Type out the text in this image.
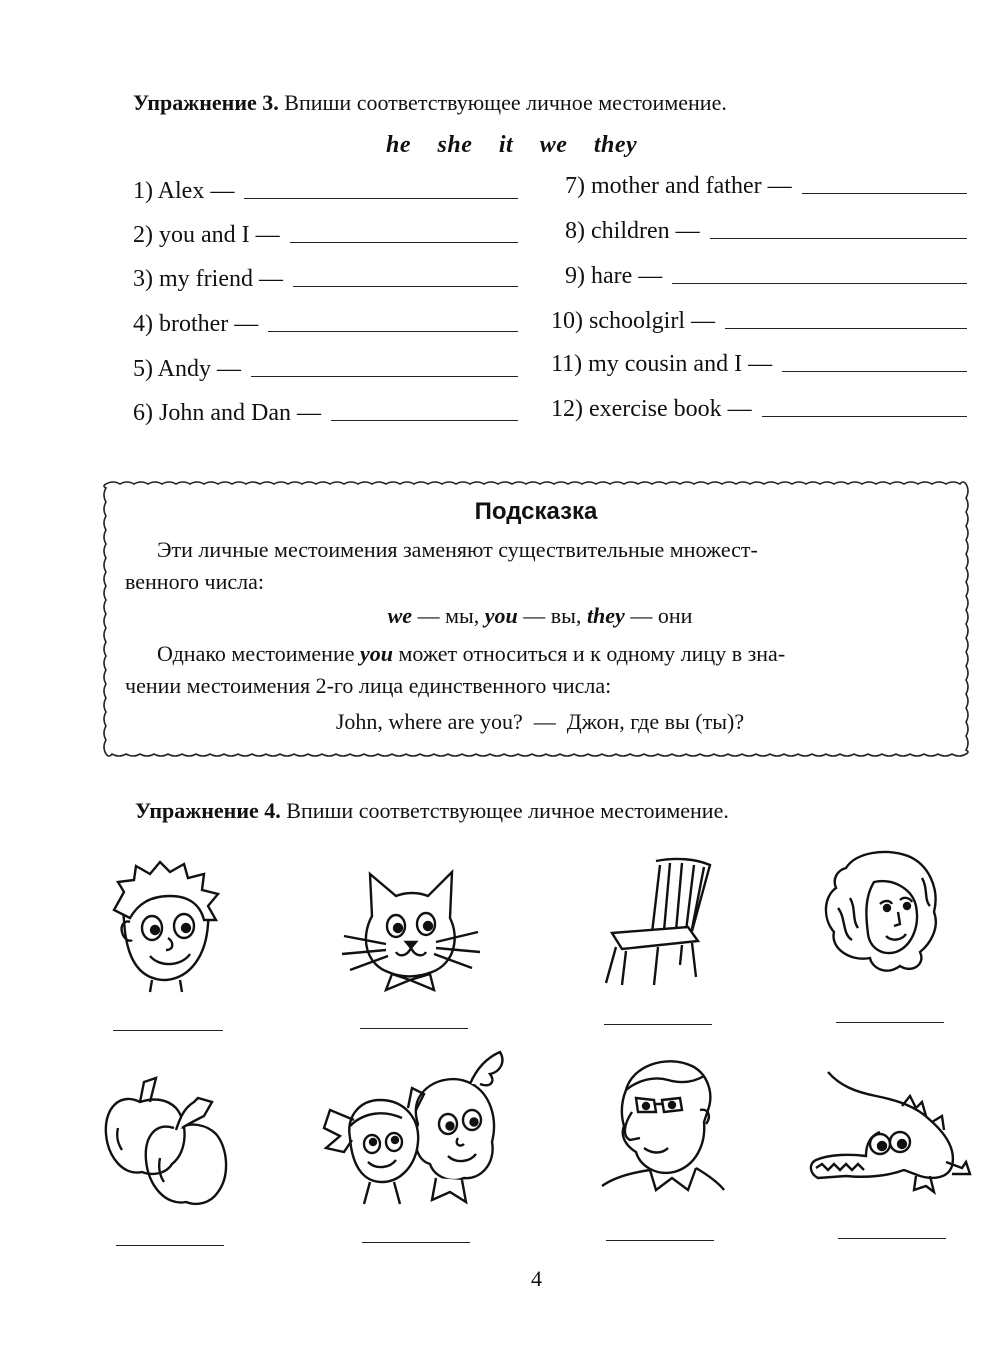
Упражнение 3. Впиши соответствующее личное местоимение.
he she it we they
1) Alex —
2) you and I —
3) my friend —
4) brother —
5) Andy —
6) John and Dan —
7) mother and father —
8) children —
9) hare —
10) schoolgirl —
11) my cousin and I —
12) exercise book —
Подсказка
Эти личные местоимения заменяют существительные множест-
венного числа:
we — мы, you — вы, they — они
Однако местоимение you может относиться и к одному лицу в зна-
чении местоимения 2-го лица единственного числа:
John, where are you?  —  Джон, где вы (ты)?
Упражнение 4. Впиши соответствующее личное местоимение.
4
